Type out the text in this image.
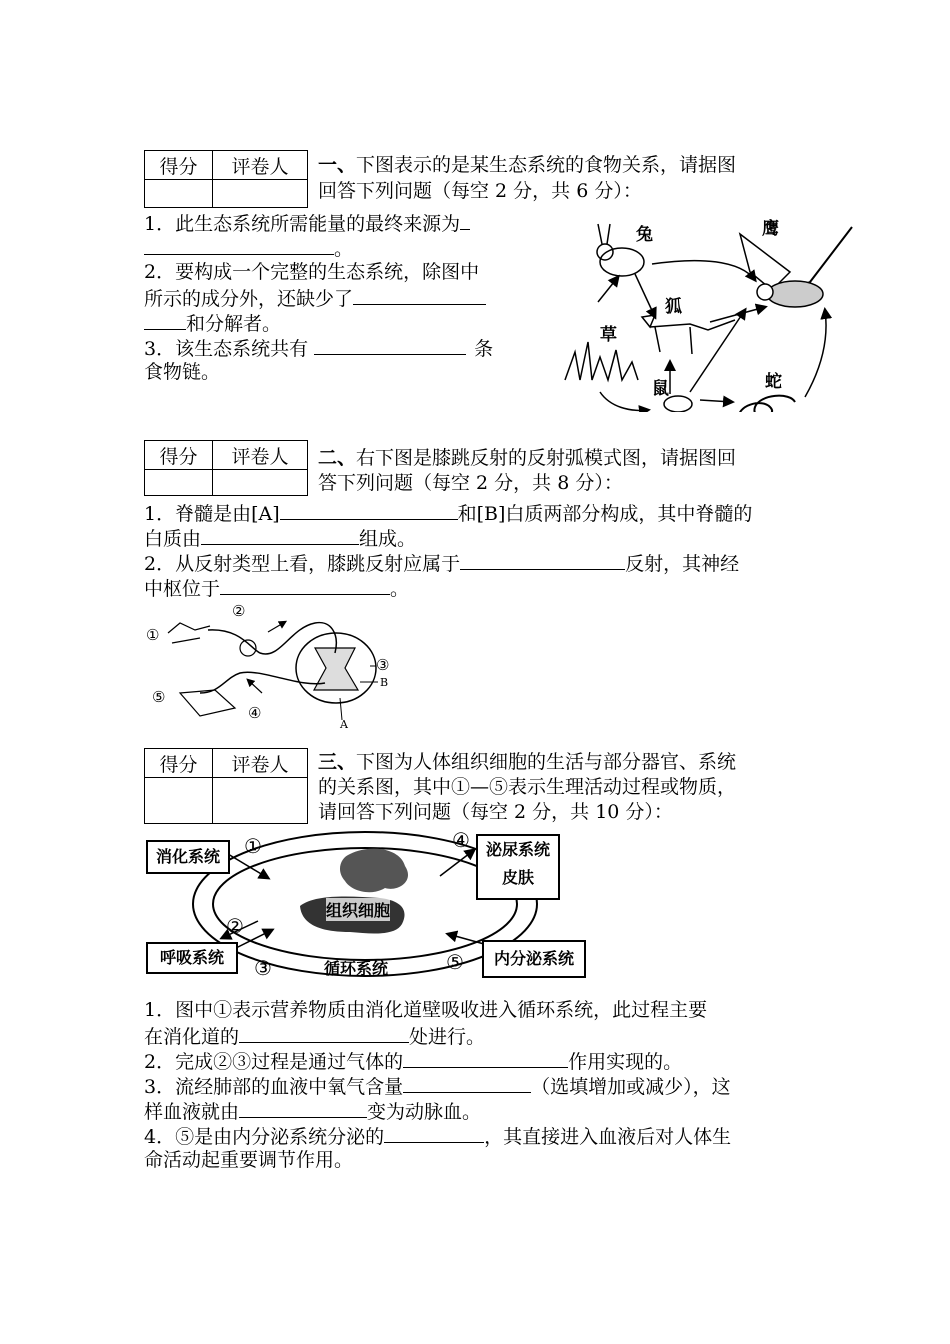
得分	评卷人
	一、下图表示的是某生态系统的食物关系，请据图
回答下列问题（每空 2 分，共 6 分）：
1．此生态系统所需能量的最终来源为
。
2．要构成一个完整的生态系统，除图中
所示的成分外，还缺少了
和分解者。
3．该生态系统共有	条
食物链。
兔	鹰
狐
草
鼠	蛇
得分	评卷人
	二、右下图是膝跳反射的反射弧模式图，请据图回
答下列问题（每空 2 分，共 8 分）：
1．脊髓是由[A]	和[B]白质两部分构成，其中脊髓的
白质由	组成。
2．从反射类型上看，膝跳反射应属于	反射，其神经
中枢位于	。
①
②
③
④
⑤
B
A
得分	评卷人
	三、下图为人体组织细胞的生活与部分器官、系统
的关系图，其中①—⑤表示生理活动过程或物质，
请回答下列问题（每空 2 分，共 10 分）：
消化系统
呼吸系统
泌尿系统
皮肤
内分泌系统
组织细胞
循环系统
①
②
③
④
⑤
1．图中①表示营养物质由消化道壁吸收进入循环系统，此过程主要
在消化道的	处进行。
2．完成②③过程是通过气体的	作用实现的。
3．流经肺部的血液中氧气含量	（选填增加或减少），这
样血液就由	变为动脉血。
4．⑤是由内分泌系统分泌的	，其直接进入血液后对人体生
命活动起重要调节作用。
